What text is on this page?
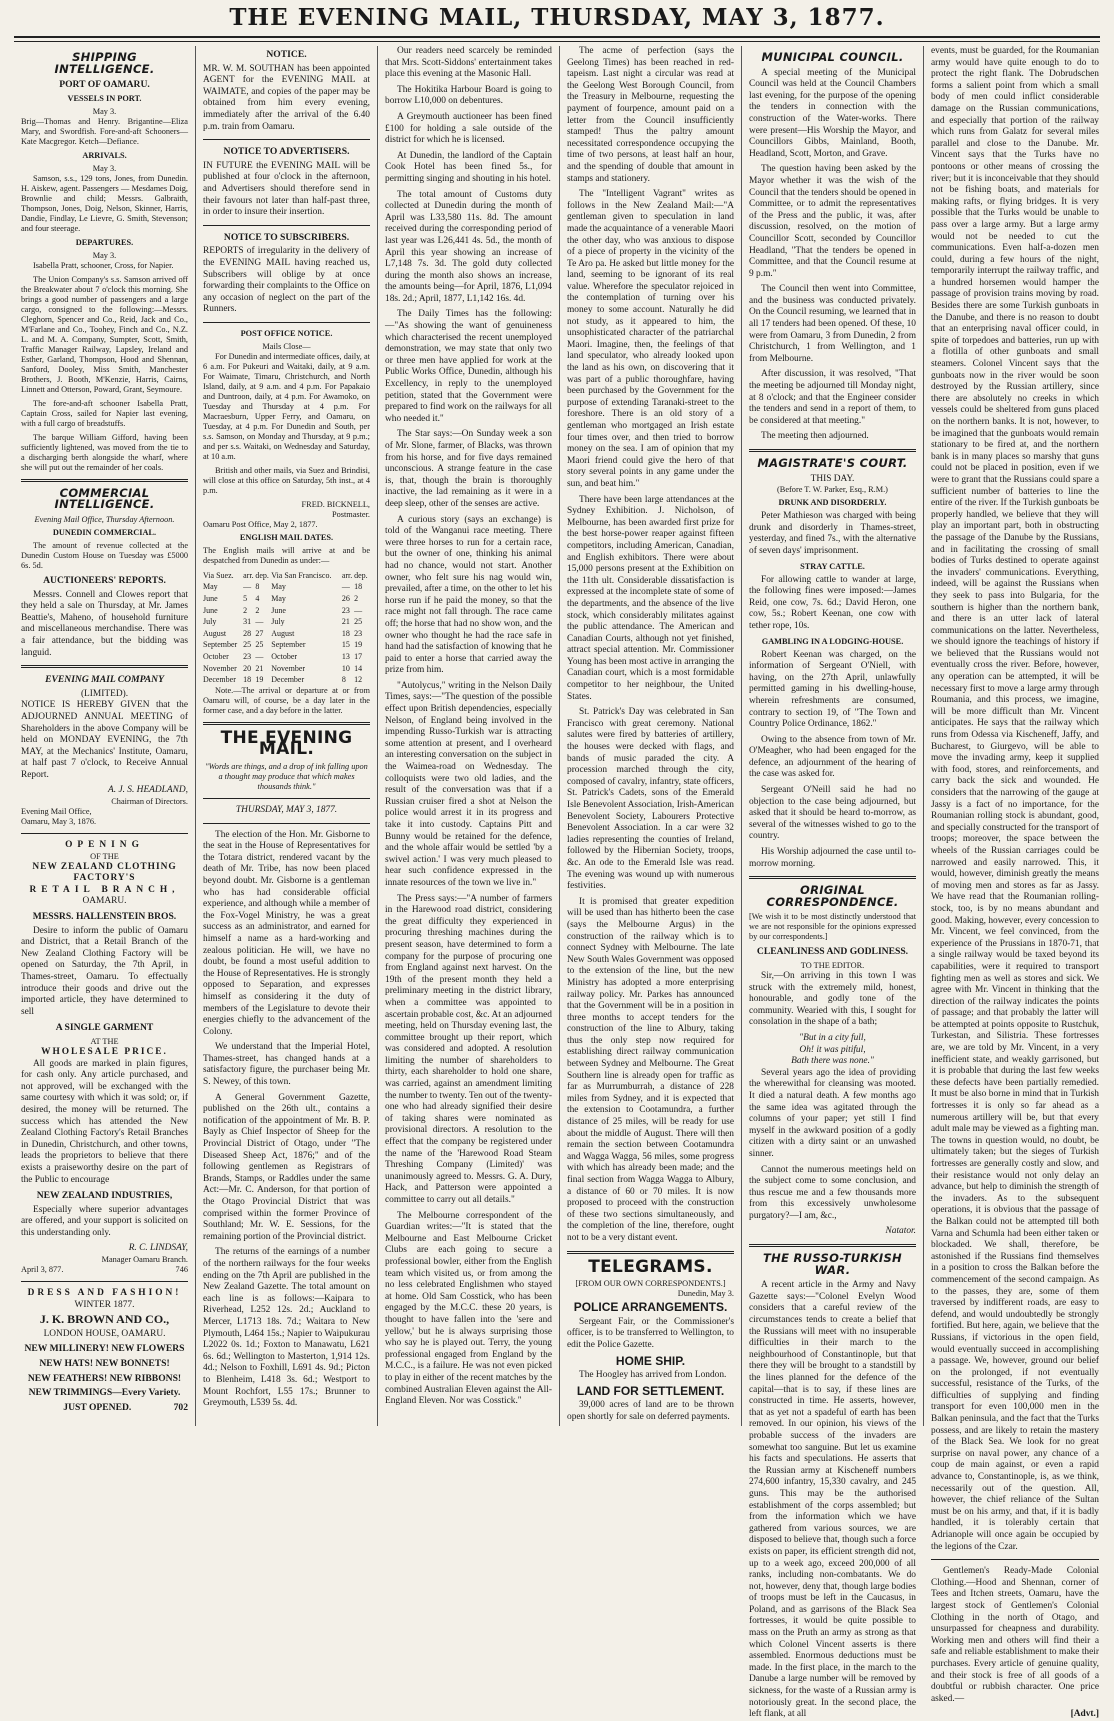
THE EVENING MAIL, THURSDAY, MAY 3, 1877.
SHIPPING INTELLIGENCE.
PORT OF OAMARU.
VESSELS IN PORT.
May 3.

Brig—Thomas and Henry. Brigantine—Eliza Mary, and Swordfish. Fore-and-aft Schooners—Kate Macgregor. Ketch—Defiance.

ARRIVALS.
May 3.

Samson, s.s., 129 tons, Jones, from Dunedin. H. Aiskew, agent. Passengers — Mesdames Doig, Brownlie and child; Messrs. Galbraith, Thompson, Jones, Doig, Nelson, Skinner, Harris, Dandie, Findlay, Le Lievre, G. Smith, Stevenson; and four steerage.

DEPARTURES.
May 3.

Isabella Pratt, schooner, Cross, for Napier.

The Union Company's s.s. Samson arrived off the Breakwater about 7 o'clock this morning. She brings a good number of passengers and a large cargo, consigned to the following:—Messrs. Cleghorn, Spencer and Co., Reid, Jack and Co., M'Farlane and Co., Toohey, Finch and Co., N.Z. L. and M. A. Company, Sumpter, Scott, Smith, Traffic Manager Railway, Lapsley, Ireland and Esther, Garland, Thompson, Hood and Shennan, Sanford, Dooley, Miss Smith, Manchester Brothers, J. Booth, M'Kenzie, Harris, Cairns, Linnett and Otterson, Poward, Grant, Seymoure.

The fore-and-aft schooner Isabella Pratt, Captain Cross, sailed for Napier last evening, with a full cargo of breadstuffs.

The barque William Gifford, having been sufficiently lightened, was moved from the tie to a discharging berth alongside the wharf, where she will put out the remainder of her coals.

COMMERCIAL INTELLIGENCE.
Evening Mail Office, Thursday Afternoon.
DUNEDIN COMMERCIAL.

The amount of revenue collected at the Dunedin Custom House on Tuesday was £5000 6s. 5d.

AUCTIONEERS' REPORTS.

Messrs. Connell and Clowes report that they held a sale on Thursday, at Mr. James Beattie's, Maheno, of household furniture and miscellaneous merchandise. There was a fair attendance, but the bidding was languid.

EVENING MAIL COMPANY
(LIMITED).

NOTICE IS HEREBY GIVEN that the ADJOURNED ANNUAL MEETING of Shareholders in the above Company will be held on MONDAY EVENING, the 7th MAY, at the Mechanics' Institute, Oamaru, at half past 7 o'clock, to Receive Annual Report.

A. J. S. HEADLAND,
Chairman of Directors.
Evening Mail Office,
Oamaru, May 3, 1876.
OPENING
OF THE
NEW ZEALAND CLOTHING FACTORY'S
RETAIL BRANCH,
OAMARU.
MESSRS. HALLENSTEIN BROS.

Desire to inform the public of Oamaru and District, that a Retail Branch of the New Zealand Clothing Factory will be opened on Saturday, the 7th April, in Thames-street, Oamaru. To effectually introduce their goods and drive out the imported article, they have determined to sell

A SINGLE GARMENT
AT THE
WHOLESALE PRICE.

All goods are marked in plain figures, for cash only. Any article purchased, and not approved, will be exchanged with the same courtesy with which it was sold; or, if desired, the money will be returned. The success which has attended the New Zealand Clothing Factory's Retail Branches in Dunedin, Christchurch, and other towns, leads the proprietors to believe that there exists a praiseworthy desire on the part of the Public to encourage

NEW ZEALAND INDUSTRIES,

Especially where superior advantages are offered, and your support is solicited on this understanding only.

R. C. LINDSAY,
Manager Oamaru Branch.
April 3, 877.	746
DRESS AND FASHION!
WINTER 1877.
J. K. BROWN AND CO.,
LONDON HOUSE, OAMARU.
NEW MILLINERY! NEW FLOWERS
NEW HATS! NEW BONNETS!
NEW FEATHERS! NEW RIBBONS!
NEW TRIMMINGS—Every Variety.
JUST OPENED.	702
NOTICE.

MR. W. M. SOUTHAN has been appointed AGENT for the EVENING MAIL at WAIMATE, and copies of the paper may be obtained from him every evening, immediately after the arrival of the 6.40 p.m. train from Oamaru.

NOTICE TO ADVERTISERS.

IN FUTURE the EVENING MAIL will be published at four o'clock in the afternoon, and Advertisers should therefore send in their favours not later than half-past three, in order to insure their insertion.

NOTICE TO SUBSCRIBERS.

REPORTS of irregularity in the delivery of the EVENING MAIL having reached us, Subscribers will oblige by at once forwarding their complaints to the Office on any occasion of neglect on the part of the Runners.

POST OFFICE NOTICE.
Mails Close—

For Dunedin and intermediate offices, daily, at 6 a.m. For Pukeuri and Waitaki, daily, at 9 a.m. For Waimate, Timaru, Christchurch, and North Island, daily, at 9 a.m. and 4 p.m. For Papakaio and Duntroon, daily, at 4 p.m. For Awamoko, on Tuesday and Thursday at 4 p.m. For Macraesburn, Upper Ferry, and Oamaru, on Tuesday, at 4 p.m. For Dunedin and South, per s.s. Samson, on Monday and Thursday, at 9 p.m.; and per s.s. Waitaki, on Wednesday and Saturday, at 10 a.m.

British and other mails, via Suez and Brindisi, will close at this office on Saturday, 5th inst., at 4 p.m.

FRED. BICKNELL,
Postmaster.
Oamaru Post Office, May 2, 1877.
ENGLISH MAIL DATES.

The English mails will arrive at and be despatched from Dunedin as under:—

Via Suez.	arr.	dep.	Via San Francisco.	arr.	dep.
May	—	8	May	—	18
June	5	4	May	26	2
June	2	2	June	23	—
July	31	—	July	21	25
August	28	27	August	18	23
September	25	25	September	15	19
October	23	—	October	13	17
November	20	21	November	10	14
December	18	19	December	8	12

Note.—The arrival or departure at or from Oamaru will, of course, be a day later in the former case, and a day before in the latter.

THE EVENING MAIL.
"Words are things, and a drop of ink falling upon a thought may produce that which makes thousands think."
THURSDAY, MAY 3, 1877.

The election of the Hon. Mr. Gisborne to the seat in the House of Representatives for the Totara district, rendered vacant by the death of Mr. Tribe, has now been placed beyond doubt. Mr. Gisborne is a gentleman who has had considerable official experience, and although while a member of the Fox-Vogel Ministry, he was a great success as an administrator, and earned for himself a name as a hard-working and zealous politician. He will, we have no doubt, be found a most useful addition to the House of Representatives. He is strongly opposed to Separation, and expresses himself as considering it the duty of members of the Legislature to devote their energies chiefly to the advancement of the Colony.

We understand that the Imperial Hotel, Thames-street, has changed hands at a satisfactory figure, the purchaser being Mr. S. Newey, of this town.

A General Government Gazette, published on the 26th ult., contains a notification of the appointment of Mr. B. P. Bayly as Chief Inspector of Sheep for the Provincial District of Otago, under "The Diseased Sheep Act, 1876;" and of the following gentlemen as Registrars of Brands, Stamps, or Raddles under the same Act:—Mr. C. Anderson, for that portion of the Otago Provincial District that was comprised within the former Province of Southland; Mr. W. E. Sessions, for the remaining portion of the Provincial district.

The returns of the earnings of a number of the northern railways for the four weeks ending on the 7th April are published in the New Zealand Gazette. The total amount on each line is as follows:—Kaipara to Riverhead, L252 12s. 2d.; Auckland to Mercer, L1713 18s. 7d.; Waitara to New Plymouth, L464 15s.; Napier to Waipukurau L2022 0s. 1d.; Foxton to Manawatu, L621 6s. 6d.; Wellington to Masterton, 1,914 12s. 4d.; Nelson to Foxhill, L691 4s. 9d.; Picton to Blenheim, L418 3s. 6d.; Westport to Mount Rochfort, L55 17s.; Brunner to Greymouth, L539 5s. 4d.

Our readers need scarcely be reminded that Mrs. Scott-Siddons' entertainment takes place this evening at the Masonic Hall.

The Hokitika Harbour Board is going to borrow L10,000 on debentures.

A Greymouth auctioneer has been fined £100 for holding a sale outside of the district for which he is licensed.

At Dunedin, the landlord of the Captain Cook Hotel has been fined 5s., for permitting singing and shouting in his hotel.

The total amount of Customs duty collected at Dunedin during the month of April was L33,580 11s. 8d. The amount received during the corresponding period of last year was L26,441 4s. 5d., the month of April this year showing an increase of L7,148 7s. 3d. The gold duty collected during the month also shows an increase, the amounts being—for April, 1876, L1,094 18s. 2d.; April, 1877, L1,142 16s. 4d.

The Daily Times has the following:—"As showing the want of genuineness which characterised the recent unemployed demonstration, we may state that only two or three men have applied for work at the Public Works Office, Dunedin, although his Excellency, in reply to the unemployed petition, stated that the Government were prepared to find work on the railways for all who needed it."

The Star says:—On Sunday week a son of Mr. Slone, farmer, of Blacks, was thrown from his horse, and for five days remained unconscious. A strange feature in the case is, that, though the brain is thoroughly inactive, the lad remaining as it were in a deep sleep, other of the senses are active.

A curious story (says an exchange) is told of the Wanganui race meeting. There were three horses to run for a certain race, but the owner of one, thinking his animal had no chance, would not start. Another owner, who felt sure his nag would win, prevailed, after a time, on the other to let his horse run if he paid the money, so that the race might not fall through. The race came off; the horse that had no show won, and the owner who thought he had the race safe in hand had the satisfaction of knowing that he paid to enter a horse that carried away the prize from him.

"Autolycus," writing in the Nelson Daily Times, says:—"The question of the possible effect upon British dependencies, especially Nelson, of England being involved in the impending Russo-Turkish war is attracting some attention at present, and I overheard an interesting conversation on the subject in the Waimea-road on Wednesday. The colloquists were two old ladies, and the result of the conversation was that if a Russian cruiser fired a shot at Nelson the police would arrest it in its progress and take it into custody. Captains Pitt and Bunny would be retained for the defence, and the whole affair would be settled 'by a swivel action.' I was very much pleased to hear such confidence expressed in the innate resources of the town we live in."

The Press says:—"A number of farmers in the Harewood road district, considering the great difficulty they experienced in procuring threshing machines during the present season, have determined to form a company for the purpose of procuring one from England against next harvest. On the 19th of the present month they held a preliminary meeting in the district library, when a committee was appointed to ascertain probable cost, &c. At an adjourned meeting, held on Thursday evening last, the committee brought up their report, which was considered and adopted. A resolution limiting the number of shareholders to thirty, each shareholder to hold one share, was carried, against an amendment limiting the number to twenty. Ten out of the twenty-one who had already signified their desire of taking shares were nominated as provisional directors. A resolution to the effect that the company be registered under the name of the 'Harewood Road Steam Threshing Company (Limited)' was unanimously agreed to. Messrs. G. A. Dury, Hack, and Patterson were appointed a committee to carry out all details."

The Melbourne correspondent of the Guardian writes:—"It is stated that the Melbourne and East Melbourne Cricket Clubs are each going to secure a professional bowler, either from the English team which visited us, or from among the no less celebrated Englishmen who stayed at home. Old Sam Cosstick, who has been engaged by the M.C.C. these 20 years, is thought to have fallen into the 'sere and yellow,' but he is always surprising those who say he is played out. Terry, the young professional engaged from England by the M.C.C., is a failure. He was not even picked to play in either of the recent matches by the combined Australian Eleven against the All-England Eleven. Nor was Cosstick."

The acme of perfection (says the Geelong Times) has been reached in red-tapeism. Last night a circular was read at the Geelong West Borough Council, from the Treasury in Melbourne, requesting the payment of fourpence, amount paid on a letter from the Council insufficiently stamped! Thus the paltry amount necessitated correspondence occupying the time of two persons, at least half an hour, and the spending of double that amount in stamps and stationery.

The "Intelligent Vagrant" writes as follows in the New Zealand Mail:—"A gentleman given to speculation in land made the acquaintance of a venerable Maori the other day, who was anxious to dispose of a piece of property in the vicinity of the Te Aro pa. He asked but little money for the land, seeming to be ignorant of its real value. Wherefore the speculator rejoiced in the contemplation of turning over his money to some account. Naturally he did not study, as it appeared to him, the unsophisticated character of the patriarchal Maori. Imagine, then, the feelings of that land speculator, who already looked upon the land as his own, on discovering that it was part of a public thoroughfare, having been purchased by the Government for the purpose of extending Taranaki-street to the foreshore. There is an old story of a gentleman who mortgaged an Irish estate four times over, and then tried to borrow money on the sea. I am of opinion that my Maori friend could give the hero of that story several points in any game under the sun, and beat him."

There have been large attendances at the Sydney Exhibition. J. Nicholson, of Melbourne, has been awarded first prize for the best horse-power reaper against fifteen competitors, including American, Canadian, and English exhibitors. There were about 15,000 persons present at the Exhibition on the 11th ult. Considerable dissatisfaction is expressed at the incomplete state of some of the departments, and the absence of the live stock, which considerably militates against the public attendance. The American and Canadian Courts, although not yet finished, attract special attention. Mr. Commissioner Young has been most active in arranging the Canadian court, which is a most formidable competitor to her neighbour, the United States.

St. Patrick's Day was celebrated in San Francisco with great ceremony. National salutes were fired by batteries of artillery, the houses were decked with flags, and bands of music paraded the city. A procession marched through the city, composed of cavalry, infantry, state officers, St. Patrick's Cadets, sons of the Emerald Isle Benevolent Association, Irish-American Benevolent Society, Labourers Protective Benevolent Association. In a car were 32 ladies representing the counties of Ireland, followed by the Hibernian Society, troops, &c. An ode to the Emerald Isle was read. The evening was wound up with numerous festivities.

It is promised that greater expedition will be used than has hitherto been the case (says the Melbourne Argus) in the construction of the railway which is to connect Sydney with Melbourne. The late New South Wales Government was opposed to the extension of the line, but the new Ministry has adopted a more enterprising railway policy. Mr. Parkes has announced that the Government will be in a position in three months to accept tenders for the construction of the line to Albury, taking thus the only step now required for establishing direct railway communication between Sydney and Melbourne. The Great Southern line is already open for traffic as far as Murrumburrah, a distance of 228 miles from Sydney, and it is expected that the extension to Cootamundra, a further distance of 25 miles, will be ready for use about the middle of August. There will then remain the section between Cootamundra and Wagga Wagga, 56 miles, some progress with which has already been made; and the final section from Wagga Wagga to Albury, a distance of 60 or 70 miles. It is now proposed to proceed with the construction of these two sections simultaneously, and the completion of the line, therefore, ought not to be a very distant event.

TELEGRAMS.
[FROM OUR OWN CORRESPONDENTS.]
Dunedin, May 3.
POLICE ARRANGEMENTS.

Sergeant Fair, or the Commissioner's officer, is to be transferred to Wellington, to edit the Police Gazette.

HOME SHIP.

The Hoogley has arrived from London.

LAND FOR SETTLEMENT.

39,000 acres of land are to be thrown open shortly for sale on deferred payments.

MUNICIPAL COUNCIL.

A special meeting of the Municipal Council was held at the Council Chambers last evening, for the purpose of the opening the tenders in connection with the construction of the Water-works. There were present—His Worship the Mayor, and Councillors Gibbs, Mainland, Booth, Headland, Scott, Morton, and Grave.

The question having been asked by the Mayor whether it was the wish of the Council that the tenders should be opened in Committee, or to admit the representatives of the Press and the public, it was, after discussion, resolved, on the motion of Councillor Scott, seconded by Councillor Headland, "That the tenders be opened in Committee, and that the Council resume at 9 p.m."

The Council then went into Committee, and the business was conducted privately. On the Council resuming, we learned that in all 17 tenders had been opened. Of these, 10 were from Oamaru, 3 from Dunedin, 2 from Christchurch, 1 from Wellington, and 1 from Melbourne.

After discussion, it was resolved, "That the meeting be adjourned till Monday night, at 8 o'clock; and that the Engineer consider the tenders and send in a report of them, to be considered at that meeting."

The meeting then adjourned.

MAGISTRATE'S COURT.
THIS DAY.
(Before T. W. Parker, Esq., R.M.)
DRUNK AND DISORDERLY.

Peter Mathieson was charged with being drunk and disorderly in Thames-street, yesterday, and fined 7s., with the alternative of seven days' imprisonment.

STRAY CATTLE.

For allowing cattle to wander at large, the following fines were imposed:—James Reid, one cow, 7s. 6d.; David Heron, one cow, 5s.; Robert Keenan, one cow with tether rope, 10s.

GAMBLING IN A LODGING-HOUSE.

Robert Keenan was charged, on the information of Sergeant O'Niell, with having, on the 27th April, unlawfully permitted gaming in his dwelling-house, wherein refreshments are consumed, contrary to section 19, of "The Town and Country Police Ordinance, 1862."

Owing to the absence from town of Mr. O'Meagher, who had been engaged for the defence, an adjournment of the hearing of the case was asked for.

Sergeant O'Neill said he had no objection to the case being adjourned, but asked that it should be heard to-morrow, as several of the witnesses wished to go to the country.

His Worship adjourned the case until to-morrow morning.

ORIGINAL CORRESPONDENCE.

[We wish it to be most distinctly understood that we are not responsible for the opinions expressed by our correspondents.]

CLEANLINESS AND GODLINESS.
TO THE EDITOR.

Sir,—On arriving in this town I was struck with the extremely mild, honest, honourable, and godly tone of the community. Wearied with this, I sought for consolation in the shape of a bath;

"But in a city full,
Oh! it was pitiful,
Bath there was none."

Several years ago the idea of providing the wherewithal for cleansing was mooted. It died a natural death. A few months ago the same idea was agitated through the columns of your paper; yet still I find myself in the awkward position of a godly citizen with a dirty saint or an unwashed sinner.

Cannot the numerous meetings held on the subject come to some conclusion, and thus rescue me and a few thousands more from this excessively unwholesome purgatory?—I am, &c.,

Natator.
THE RUSSO-TURKISH WAR.

A recent article in the Army and Navy Gazette says:—"Colonel Evelyn Wood considers that a careful review of the circumstances tends to create a belief that the Russians will meet with no insuperable difficulties in their march to the neighbourhood of Constantinople, but that there they will be brought to a standstill by the lines planned for the defence of the capital—that is to say, if these lines are constructed in time. He asserts, however, that as yet not a spadeful of earth has been removed. In our opinion, his views of the probable success of the invaders are somewhat too sanguine. But let us examine his facts and speculations. He asserts that the Russian army at Kischeneff numbers 274,600 infantry, 15,330 cavalry, and 245 guns. This may be the authorised establishment of the corps assembled; but from the information which we have gathered from various sources, we are disposed to believe that, though such a force exists on paper, its efficient strength did not, up to a week ago, exceed 200,000 of all ranks, including non-combatants. We do not, however, deny that, though large bodies of troops must be left in the Caucasus, in Poland, and as garrisons of the Black Sea fortresses, it would be quite possible to mass on the Pruth an army as strong as that which Colonel Vincent asserts is there assembled. Enormous deductions must be made. In the first place, in the march to the Danube a large number will be removed by sickness, for the waste of a Russian army is notoriously great. In the second place, the left flank, at all

events, must be guarded, for the Roumanian army would have quite enough to do to protect the right flank. The Dobrudschen forms a salient point from which a small body of men could inflict considerable damage on the Russian communications, and especially that portion of the railway which runs from Galatz for several miles parallel and close to the Danube. Mr. Vincent says that the Turks have no pontoons or other means of crossing the river; but it is inconceivable that they should not be fishing boats, and materials for making rafts, or flying bridges. It is very possible that the Turks would be unable to pass over a large army. But a large army would not be needed to cut the communications. Even half-a-dozen men could, during a few hours of the night, temporarily interrupt the railway traffic, and a hundred horsemen would hamper the passage of provision trains moving by road. Besides there are some Turkish gunboats in the Danube, and there is no reason to doubt that an enterprising naval officer could, in spite of torpedoes and batteries, run up with a flotilla of other gunboats and small steamers. Colonel Vincent says that the gunboats now in the river would be soon destroyed by the Russian artillery, since there are absolutely no creeks in which vessels could be sheltered from guns placed on the northern banks. It is not, however, to be imagined that the gunboats would remain stationary to be fired at, and the northern bank is in many places so marshy that guns could not be placed in position, even if we were to grant that the Russians could spare a sufficient number of batteries to line the entire of the river. If the Turkish gunboats be properly handled, we believe that they will play an important part, both in obstructing the passage of the Danube by the Russians, and in facilitating the crossing of small bodies of Turks destined to operate against the invaders' communications. Everything, indeed, will be against the Russians when they seek to pass into Bulgaria, for the southern is higher than the northern bank, and there is an utter lack of lateral communications on the latter. Nevertheless, we should ignore the teachings of history if we believed that the Russians would not eventually cross the river. Before, however, any operation can be attempted, it will be necessary first to move a large army through Roumania, and this process, we imagine, will be more difficult than Mr. Vincent anticipates. He says that the railway which runs from Odessa via Kischeneff, Jaffy, and Bucharest, to Giurgevo, will be able to move the invading army, keep it supplied with food, stores, and reinforcements, and carry back the sick and wounded. He considers that the narrowing of the gauge at Jassy is a fact of no importance, for the Roumanian rolling stock is abundant, good, and specially constructed for the transport of troops; moreover, the space between the wheels of the Russian carriages could be narrowed and easily narrowed. This, it would, however, diminish greatly the means of moving men and stores as far as Jassy. We have read that the Roumanian rolling-stock, too, is by no means abundant and good. Making, however, every concession to Mr. Vincent, we feel convinced, from the experience of the Prussians in 1870-71, that a single railway would be taxed beyond its capabilities, were it required to transport fighting men as well as stores and sick. We agree with Mr. Vincent in thinking that the direction of the railway indicates the points of passage; and that probably the latter will be attempted at points opposite to Rustchuk, Turkestan, and Silistria. These fortresses are, we are told by Mr. Vincent, in a very inefficient state, and weakly garrisoned, but it is probable that during the last few weeks these defects have been partially remedied. It must be also borne in mind that in Turkish fortresses it is only so far ahead as a numerous artillery will be, but that every adult male may be viewed as a fighting man. The towns in question would, no doubt, be ultimately taken; but the sieges of Turkish fortresses are generally costly and slow, and their resistance would not only delay an advance, but help to diminish the strength of the invaders. As to the subsequent operations, it is obvious that the passage of the Balkan could not be attempted till both Varna and Schumla had been either taken or blockaded. We shall, therefore, be astonished if the Russians find themselves in a position to cross the Balkan before the commencement of the second campaign. As to the passes, they are, some of them traversed by indifferent roads, are easy to defend, and would undoubtedly be strongly fortified. But here, again, we believe that the Russians, if victorious in the open field, would eventually succeed in accomplishing a passage. We, however, ground our belief on the prolonged, if not eventually successful, resistance of the Turks, of the difficulties of supplying and finding transport for even 100,000 men in the Balkan peninsula, and the fact that the Turks possess, and are likely to retain the mastery of the Black Sea. We look for no great surprise on naval power, any chance of a coup de main against, or even a rapid advance to, Constantinople, is, as we think, necessarily out of the question. All, however, the chief reliance of the Sultan must be on his army, and that, if it is badly handled, it is tolerably certain that Adrianople will once again be occupied by the legions of the Czar.

Gentlemen's Ready-Made Colonial Clothing.—Hood and Shennan, corner of Tees and Itchen streets, Oamaru, have the largest stock of Gentlemen's Colonial Clothing in the north of Otago, and unsurpassed for cheapness and durability. Working men and others will find their a safe and reliable establishment to make their purchases. Every article of genuine quality, and their stock is free of all goods of a doubtful or rubbish character. One price asked.—

[Advt.]
